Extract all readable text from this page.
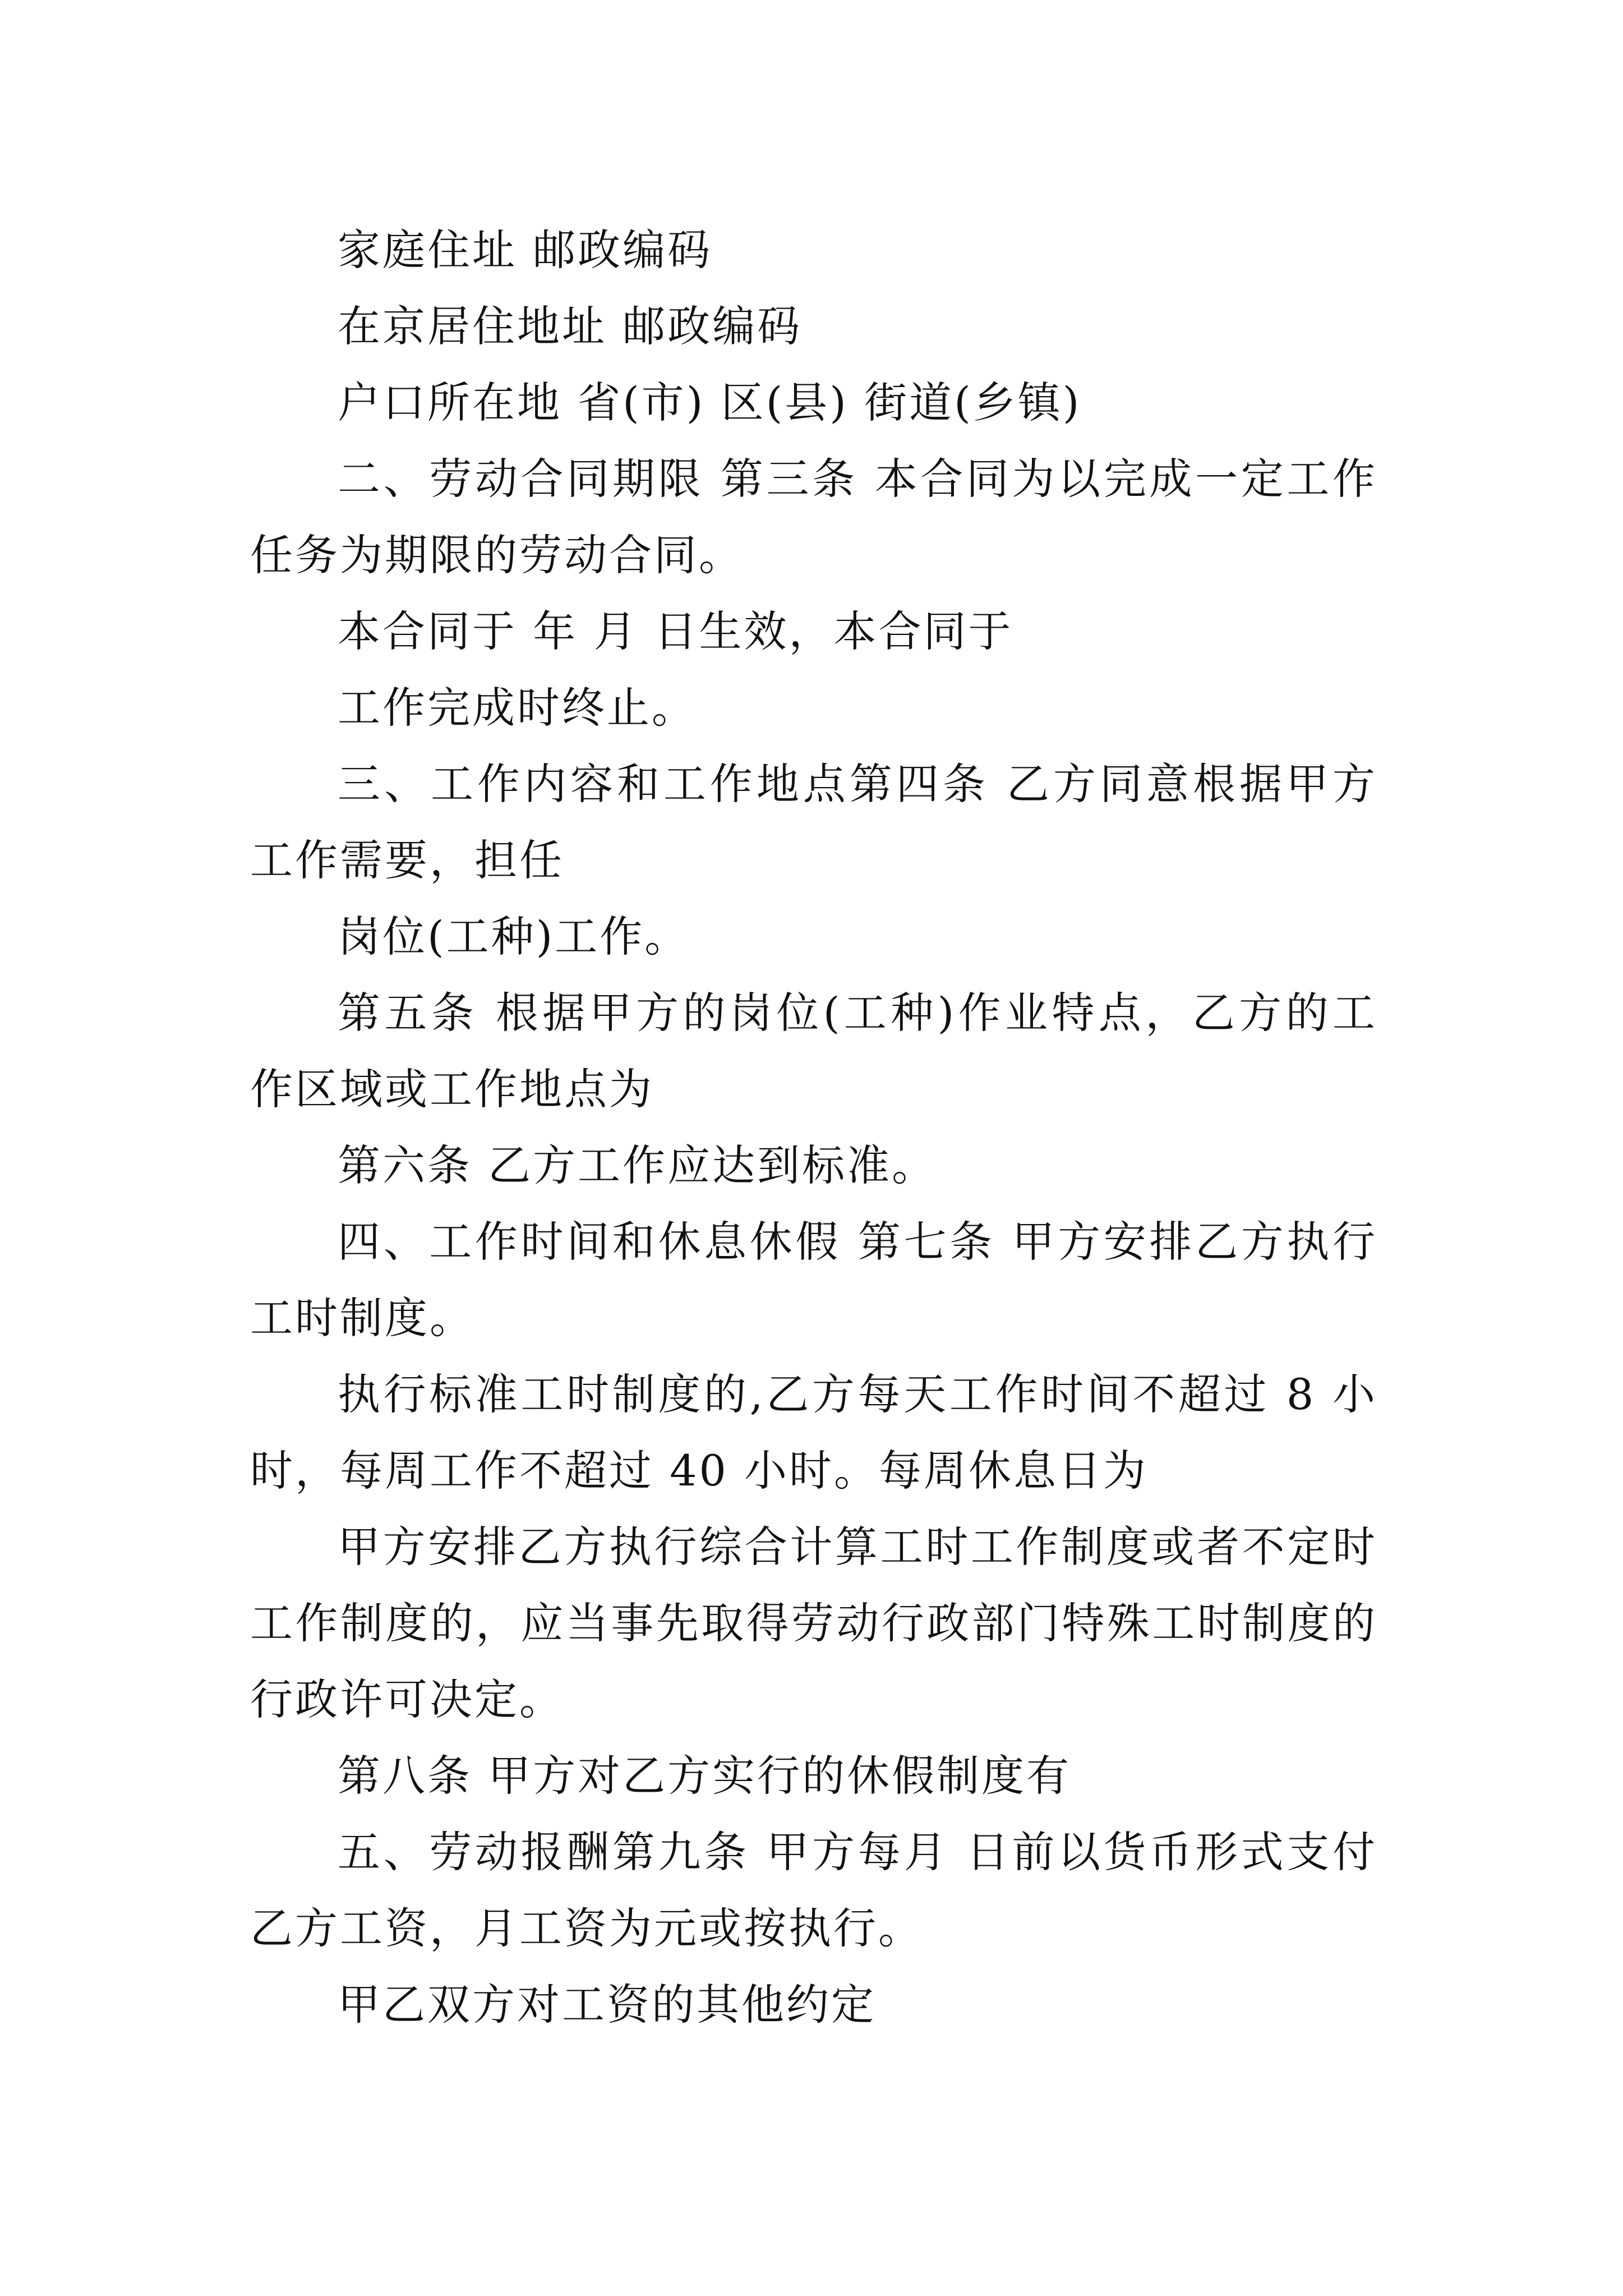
家庭住址 邮政编码

在京居住地址 邮政编码

户口所在地 省(市) 区(县) 街道(乡镇)

二、劳动合同期限 第三条 本合同为以完成一定工作任务为期限的劳动合同。

本合同于 年 月 日生效，本合同于

工作完成时终止。

三、工作内容和工作地点第四条 乙方同意根据甲方工作需要，担任

岗位(工种)工作。

第五条 根据甲方的岗位(工种)作业特点，乙方的工作区域或工作地点为

第六条 乙方工作应达到标准。

四、工作时间和休息休假 第七条 甲方安排乙方执行工时制度。

执行标准工时制度的,乙方每天工作时间不超过 8 小时，每周工作不超过 40 小时。每周休息日为

甲方安排乙方执行综合计算工时工作制度或者不定时工作制度的，应当事先取得劳动行政部门特殊工时制度的行政许可决定。

第八条 甲方对乙方实行的休假制度有

五、劳动报酬第九条 甲方每月 日前以货币形式支付乙方工资，月工资为元或按执行。

甲乙双方对工资的其他约定
